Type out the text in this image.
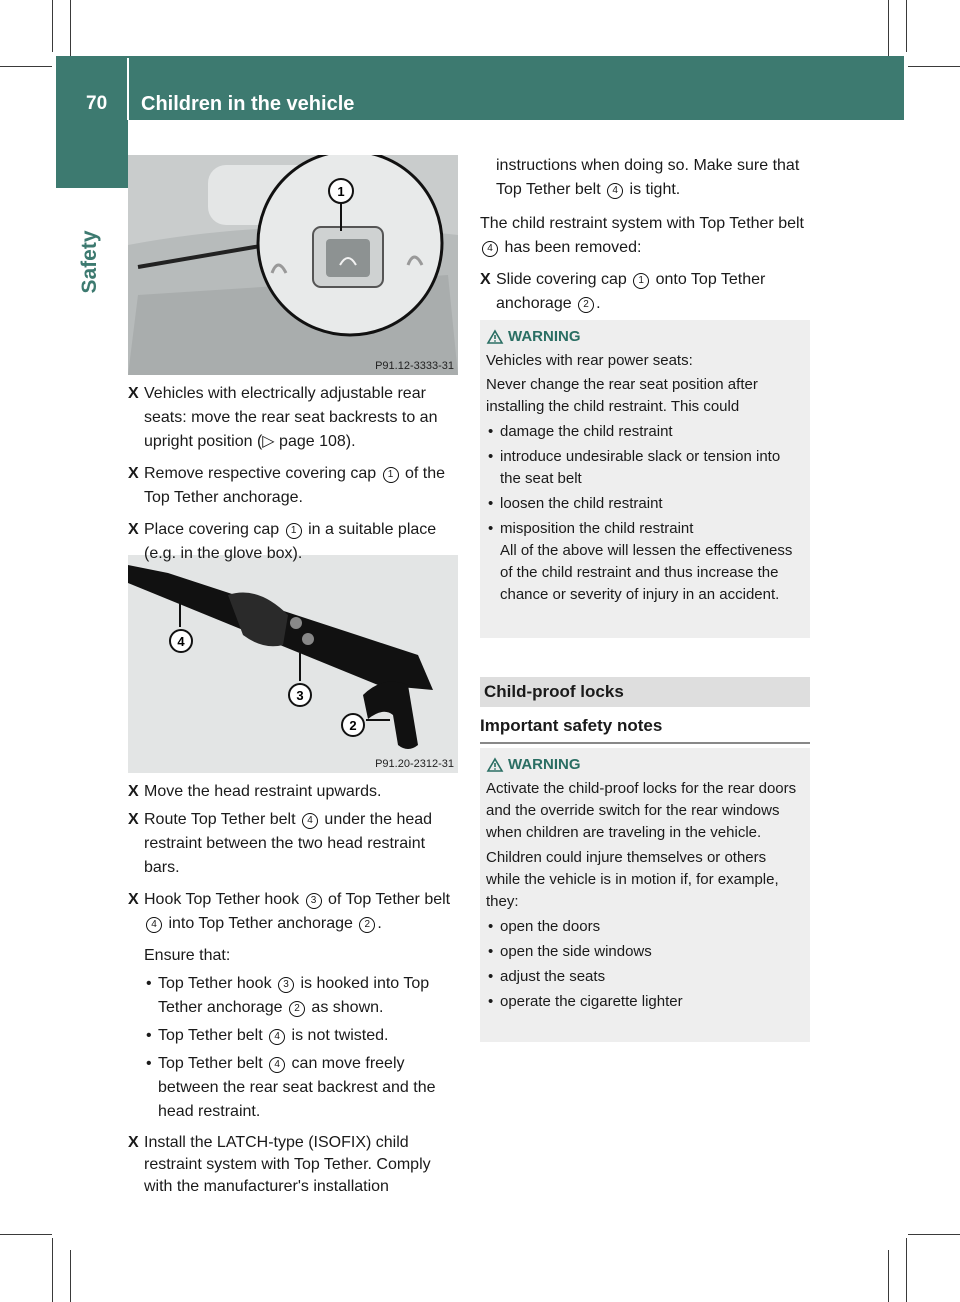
70 Children in the vehicle
Safety
1
P91.12-3333-31
4
3
2
P91.20-2312-31
X Vehicles with electrically adjustable rear seats: move the rear seat backrests to an upright position (▷ page 108).
X Remove respective covering cap 1 of the Top Tether anchorage.
X Place covering cap 1 in a suitable place (e.g. in the glove box).
X Move the head restraint upwards.
X Route Top Tether belt 4 under the head restraint between the two head restraint bars.
X Hook Top Tether hook 3 of Top Tether belt 4 into Top Tether anchorage 2 .
Ensure that:
• Top Tether hook 3 is hooked into Top Tether anchorage 2 as shown.
• Top Tether belt 4 is not twisted.
• Top Tether belt 4 can move freely between the rear seat backrest and the head restraint.
X Install the LATCH-type (ISOFIX) child restraint system with Top Tether. Comply with the manufacturer's installation
instructions when doing so. Make sure that Top Tether belt 4 is tight.
The child restraint system with Top Tether belt 4 has been removed:
X Slide covering cap 1 onto Top Tether anchorage 2 .
WARNING
Vehicles with rear power seats:
Never change the rear seat position after installing the child restraint. This could
• damage the child restraint
• introduce undesirable slack or tension into the seat belt
• loosen the child restraint
• misposition the child restraint
All of the above will lessen the effectiveness of the child restraint and thus increase the chance or severity of injury in an accident.
Child-proof locks
Important safety notes
WARNING
Activate the child-proof locks for the rear doors and the override switch for the rear windows when children are traveling in the vehicle.
Children could injure themselves or others while the vehicle is in motion if, for example, they:
• open the doors
• open the side windows
• adjust the seats
• operate the cigarette lighter
